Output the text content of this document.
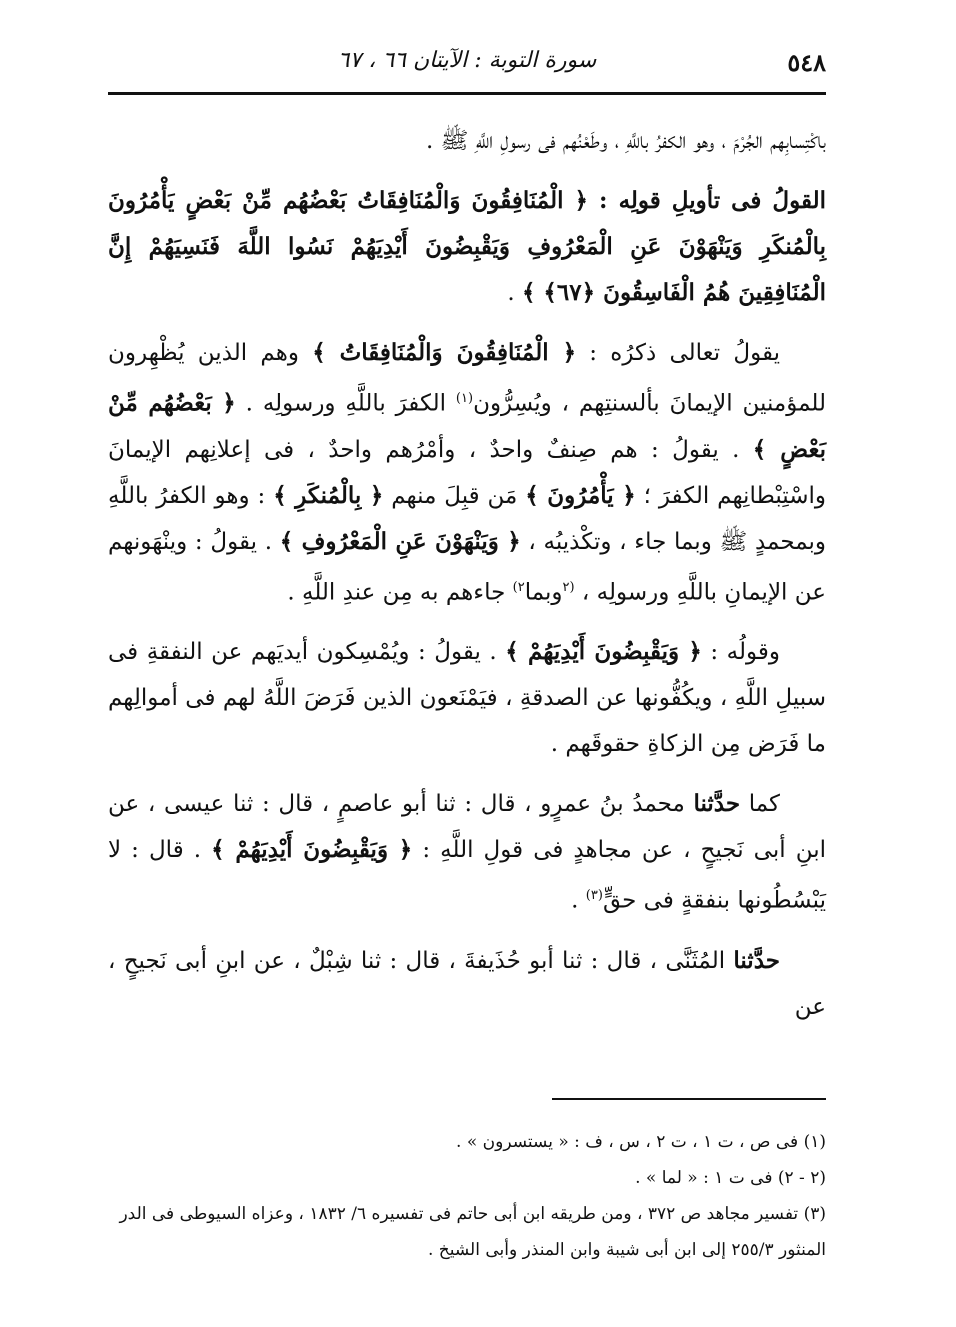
٥٤٨
سورة التوبة : الآيتان ٦٦ ، ٦٧

باكْتِسابِهم الجُرْمَ ، وهو الكفرُ باللَّهِ ، وطَعْنُهم فى رسولِ اللَّهِ ﷺ .

القولُ فى تأويلِ قولِه : ﴿ الْمُنَافِقُونَ وَالْمُنَافِقَاتُ بَعْضُهُم مِّنْ بَعْضٍ يَأْمُرُونَ بِالْمُنكَرِ وَيَنْهَوْنَ عَنِ الْمَعْرُوفِ وَيَقْبِضُونَ أَيْدِيَهُمْ نَسُوا اللَّهَ فَنَسِيَهُمْ إِنَّ الْمُنَافِقِينَ هُمُ الْفَاسِقُونَ ﴿٦٧﴾ ﴾ .

يقولُ تعالى ذكرُه : ﴿ الْمُنَافِقُونَ وَالْمُنَافِقَاتُ ﴾ وهم الذين يُظْهِرون للمؤمنين الإيمانَ بألسنتِهم ، ويُسِرُّون$^{(١)}$ الكفرَ باللَّهِ ورسولِه . ﴿ بَعْضُهُم مِّنْ بَعْضٍ ﴾ . يقولُ : هم صِنفٌ واحدٌ ، وأمْرُهم واحدٌ ، فى إعلانِهم الإيمانَ واسْتِبْطانِهم الكفرَ ؛ ﴿ يَأْمُرُونَ ﴾ مَن قبِلَ منهم ﴿ بِالْمُنكَرِ ﴾ : وهو الكفرُ باللَّهِ وبمحمدٍ ﷺ وبما جاء ، وتكْذيبُه ، ﴿ وَيَنْهَوْنَ عَنِ الْمَعْرُوفِ ﴾ . يقولُ : وينْهَونهم عن الإيمانِ باللَّهِ ورسولِه ، $^{(٢}$وبما$^{٢)}$ جاءهم به مِن عندِ اللَّهِ .

وقولُه : ﴿ وَيَقْبِضُونَ أَيْدِيَهُمْ ﴾ . يقولُ : ويُمْسِكون أيديَهم عن النفقةِ فى سبيلِ اللَّهِ ، ويكُفُّونها عن الصدقةِ ، فيَمْنَعون الذين فَرَضَ اللَّهُ لهم فى أموالِهم ما فَرَض مِن الزكاةِ حقوقَهم .

كما حدَّثنا محمدُ بنُ عمرٍو ، قال : ثنا أبو عاصمٍ ، قال : ثنا عيسى ، عن ابنِ أبى نَجيحٍ ، عن مجاهدٍ فى قولِ اللَّهِ : ﴿ وَيَقْبِضُونَ أَيْدِيَهُمْ ﴾ . قال : لا يَبْسُطُونها بنفقةٍ فى حقٍّ$^{(٣)}$ .

حدَّثنا المُثَنَّى ، قال : ثنا أبو حُذَيفةَ ، قال : ثنا شِبْلٌ ، عن ابنِ أبى نَجيحٍ ، عن

(١) فى ص ، ت ١ ، ت ٢ ، س ، ف : « يستسرون » .

(٢ - ٢) فى ت ١ : « لما » .

(٣) تفسير مجاهد ص ٣٧٢ ، ومن طريقه ابن أبى حاتم فى تفسيره ٦/ ١٨٣٢ ، وعزاه السيوطى فى الدر المنثور ٢٥٥/٣ إلى ابن أبى شيبة وابن المنذر وأبى الشيخ .
